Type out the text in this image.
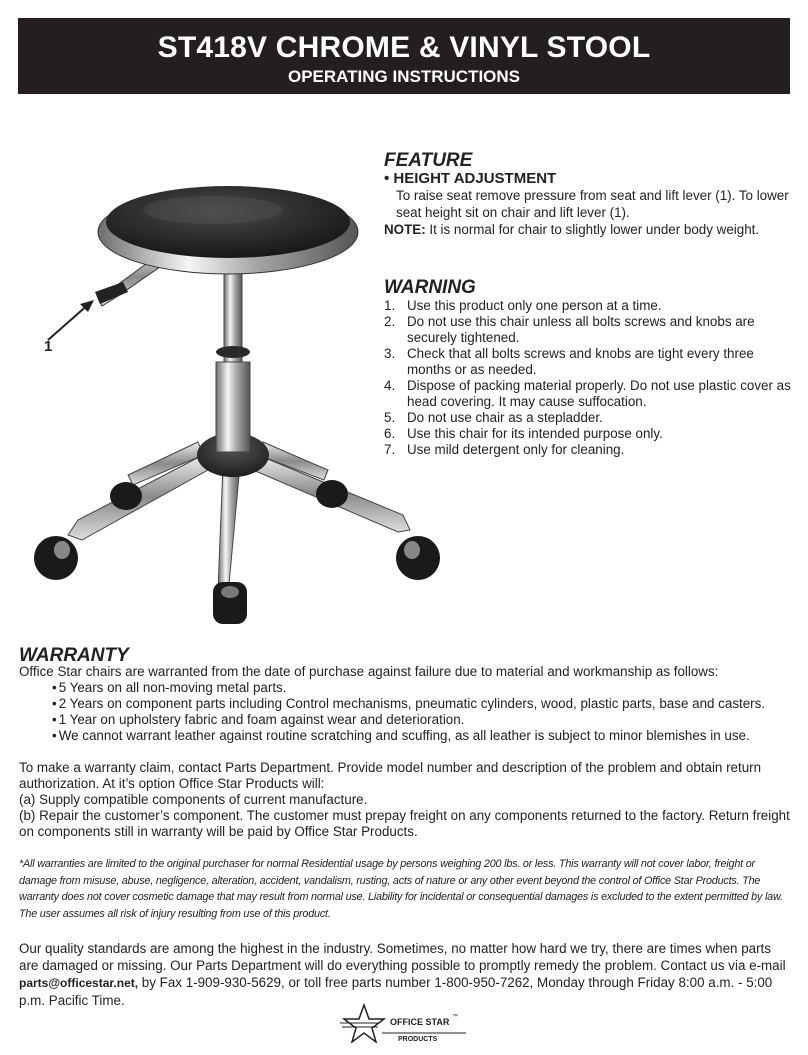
ST418V CHROME & VINYL STOOL
OPERATING INSTRUCTIONS
1
FEATURE
• HEIGHT ADJUSTMENT
To raise seat remove pressure from seat and lift lever (1). To lower seat height sit on chair and lift lever (1).
NOTE: It is normal for chair to slightly lower under body weight.
WARNING
1. Use this product only one person at a time.
2. Do not use this chair unless all bolts screws and knobs are securely tightened.
3. Check that all bolts screws and knobs are tight every three months or as needed.
4. Dispose of packing material properly. Do not use plastic cover as head covering. It may cause suffocation.
5. Do not use chair as a stepladder.
6. Use this chair for its intended purpose only.
7. Use mild detergent only for cleaning.
WARRANTY
Office Star chairs are warranted from the date of purchase against failure due to material and workmanship as follows:
• 5 Years on all non-moving metal parts.
• 2 Years on component parts including Control mechanisms, pneumatic cylinders, wood, plastic parts, base and casters.
• 1 Year on upholstery fabric and foam against wear and deterioration.
• We cannot warrant leather against routine scratching and scuffing, as all leather is subject to minor blemishes in use.
To make a warranty claim, contact Parts Department. Provide model number and description of the problem and obtain return authorization. At it’s option Office Star Products will:
(a) Supply compatible components of current manufacture.
(b) Repair the customer’s component. The customer must prepay freight on any components returned to the factory. Return freight on components still in warranty will be paid by Office Star Products.
*All warranties are limited to the original purchaser for normal Residential usage by persons weighing 200 lbs. or less. This warranty will not cover labor, freight or damage from misuse, abuse, negligence, alteration, accident, vandalism, rusting, acts of nature or any other event beyond the control of Office Star Products. The warranty does not cover cosmetic damage that may result from normal use. Liability for incidental or consequential damages is excluded to the extent permitted by law. The user assumes all risk of injury resulting from use of this product.
Our quality standards are among the highest in the industry. Sometimes, no matter how hard we try, there are times when parts are damaged or missing. Our Parts Department will do everything possible to promptly remedy the problem. Contact us via e-mail parts@officestar.net, by Fax 1-909-930-5629, or toll free parts number 1-800-950-7262, Monday through Friday 8:00 a.m. - 5:00 p.m. Pacific Time.
OFFICE STAR ™
PRODUCTS
